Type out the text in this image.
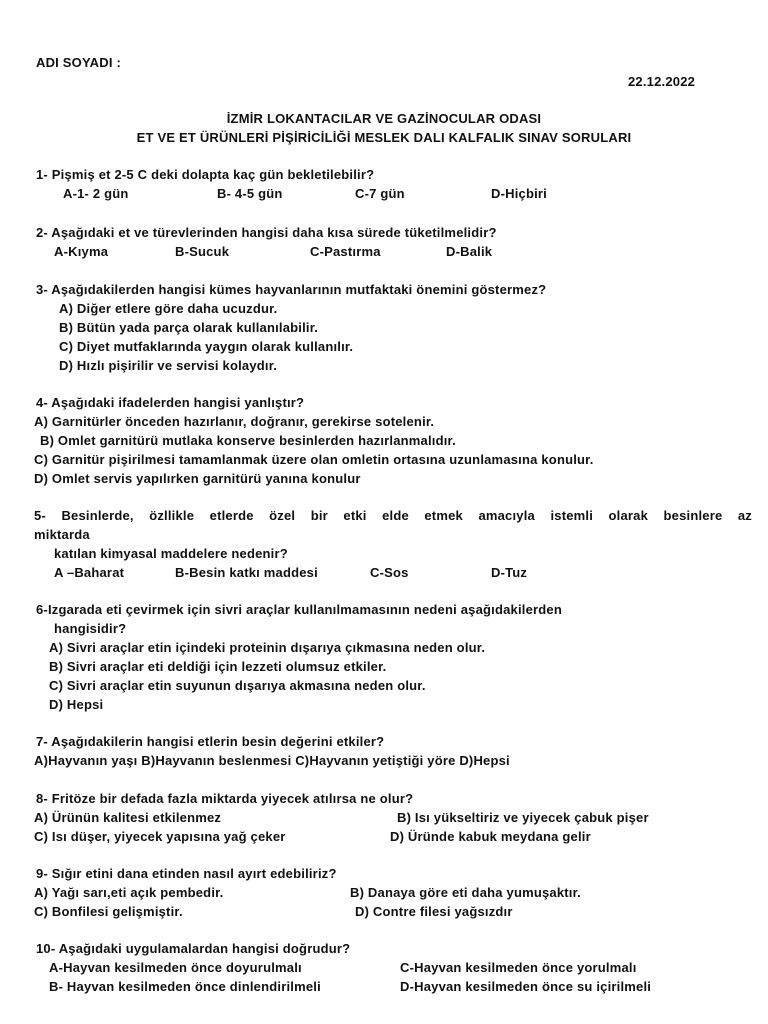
ADI SOYADI :
22.12.2022
İZMİR LOKANTACILAR VE GAZİNOCULAR ODASI
ET VE ET ÜRÜNLERİ PİŞİRİCİLİĞİ MESLEK DALI KALFALIK SINAV SORULARI
1- Pişmiş et 2-5 C deki dolapta kaç gün bekletilebilir?
A-1- 2 gün	B- 4-5 gün	C-7 gün	D-Hiçbiri
2- Aşağıdaki et ve türevlerinden hangisi daha kısa sürede tüketilmelidir?
A-Kıyma	B-Sucuk	C-Pastırma	D-Balik
3- Aşağıdakilerden hangisi kümes hayvanlarının mutfaktaki önemini göstermez?
A) Diğer etlere göre daha ucuzdur.
B) Bütün yada parça olarak kullanılabilir.
C) Diyet mutfaklarında yaygın olarak kullanılır.
D) Hızlı pişirilir ve servisi kolaydır.
4- Aşağıdaki ifadelerden hangisi yanlıştır?
A) Garnitürler önceden hazırlanır, doğranır, gerekirse sotelenir.
B) Omlet garnitürü mutlaka konserve besinlerden hazırlanmalıdır.
C) Garnitür pişirilmesi tamamlanmak üzere olan omletin ortasına uzunlamasına konulur.
D) Omlet servis yapılırken garnitürü yanına konulur
5- Besinlerde, özllikle etlerde özel bir etki elde etmek amacıyla istemli olarak besinlere az
miktarda
katılan kimyasal maddelere nedenir?
A –Baharat	B-Besin katkı maddesi	C-Sos	D-Tuz
6-Izgarada eti çevirmek için sivri araçlar kullanılmamasının nedeni aşağıdakilerden
hangisidir?
A) Sivri araçlar etin içindeki proteinin dışarıya çıkmasına neden olur.
B) Sivri araçlar eti deldiği için lezzeti olumsuz etkiler.
C) Sivri araçlar etin suyunun dışarıya akmasına neden olur.
D) Hepsi
7- Aşağıdakilerin hangisi etlerin besin değerini etkiler?
A)Hayvanın yaşı B)Hayvanın beslenmesi C)Hayvanın yetiştiği yöre D)Hepsi
8- Fritöze bir defada fazla miktarda yiyecek atılırsa ne olur?
A) Ürünün kalitesi etkilenmez	B) Isı yükseltiriz ve yiyecek çabuk pişer
C) Isı düşer, yiyecek yapısına yağ çeker	D) Üründe kabuk meydana gelir
9- Sığır etini dana etinden nasıl ayırt edebiliriz?
A) Yağı sarı,eti açık pembedir.	B) Danaya göre eti daha yumuşaktır.
C) Bonfilesi gelişmiştir.	D) Contre filesi yağsızdır
10- Aşağıdaki uygulamalardan hangisi doğrudur?
A-Hayvan kesilmeden önce doyurulmalı	C-Hayvan kesilmeden önce yorulmalı
B- Hayvan kesilmeden önce dinlendirilmeli	D-Hayvan kesilmeden önce su içirilmeli
